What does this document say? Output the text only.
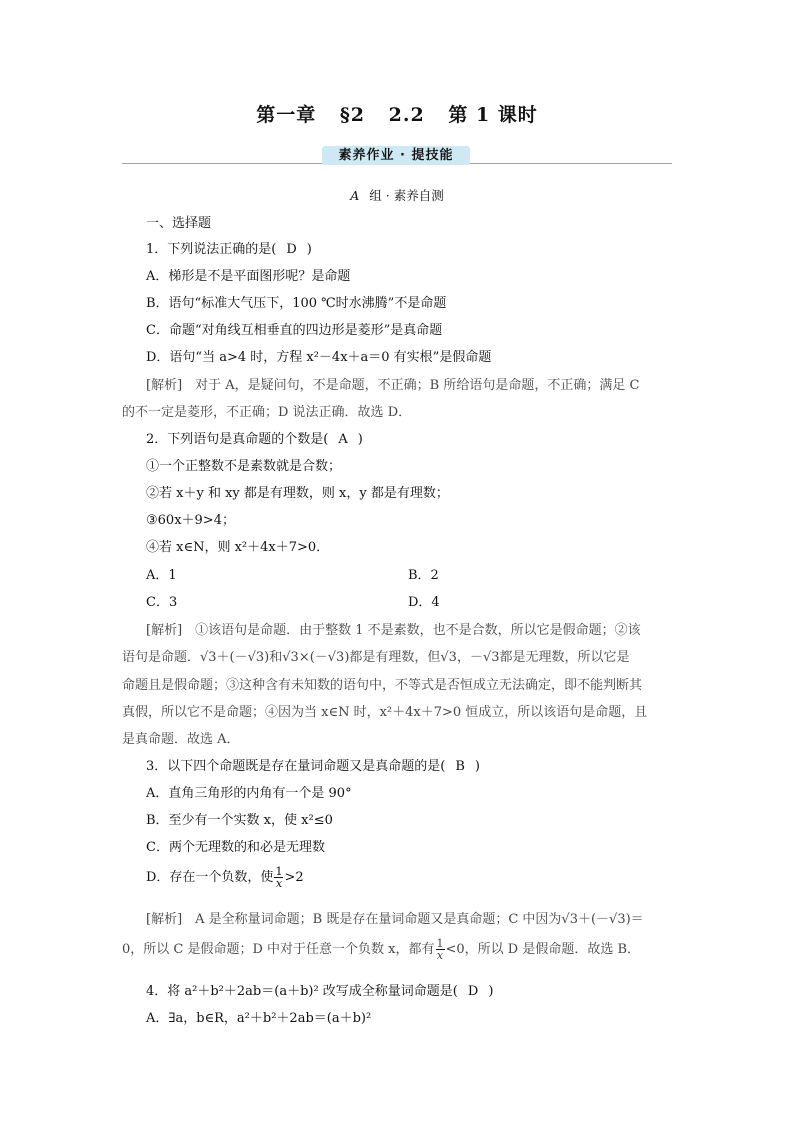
第一章 §2 2.2 第 1 课时
素养作业 · 提技能
A 组 · 素养自测
一、选择题
1．下列说法正确的是( D )
A．梯形是不是平面图形呢？是命题
B．语句“标准大气压下，100 ℃时水沸腾”不是命题
C．命题“对角线互相垂直的四边形是菱形”是真命题
D．语句“当 a>4 时，方程 x²－4x＋a＝0 有实根”是假命题
[解析]　对于 A，是疑问句，不是命题，不正确；B 所给语句是命题，不正确；满足 C
的不一定是菱形，不正确；D 说法正确．故选 D．
2．下列语句是真命题的个数是( A )
①一个正整数不是素数就是合数；
②若 x＋y 和 xy 都是有理数，则 x，y 都是有理数；
③60x＋9>4；
④若 x∈N，则 x²＋4x＋7>0．
A．1	B．2
C．3	D．4
[解析]　①该语句是命题．由于整数 1 不是素数，也不是合数，所以它是假命题；②该
语句是命题．√3＋(－√3)和√3×(－√3)都是有理数，但√3，－√3都是无理数，所以它是
命题且是假命题；③这种含有未知数的语句中，不等式是否恒成立无法确定，即不能判断其
真假，所以它不是命题；④因为当 x∈N 时，x²＋4x＋7>0 恒成立，所以该语句是命题，且
是真命题．故选 A．
3．以下四个命题既是存在量词命题又是真命题的是( B )
A．直角三角形的内角有一个是 90°
B．至少有一个实数 x，使 x²≤0
C．两个无理数的和必是无理数
D．存在一个负数，使 $\frac{1}{x} >2$
[解析]　A 是全称量词命题；B 既是存在量词命题又是真命题；C 中因为√3＋(－√3)＝
0，所以 C 是假命题；D 中对于任意一个负数 x，都有 $\frac{1}{x} <0$，所以 D 是假命题．故选 B．
4．将 a²＋b²＋2ab＝(a＋b)² 改写成全称量词命题是( D )
A．∃a，b∈R，a²＋b²＋2ab＝(a＋b)²
